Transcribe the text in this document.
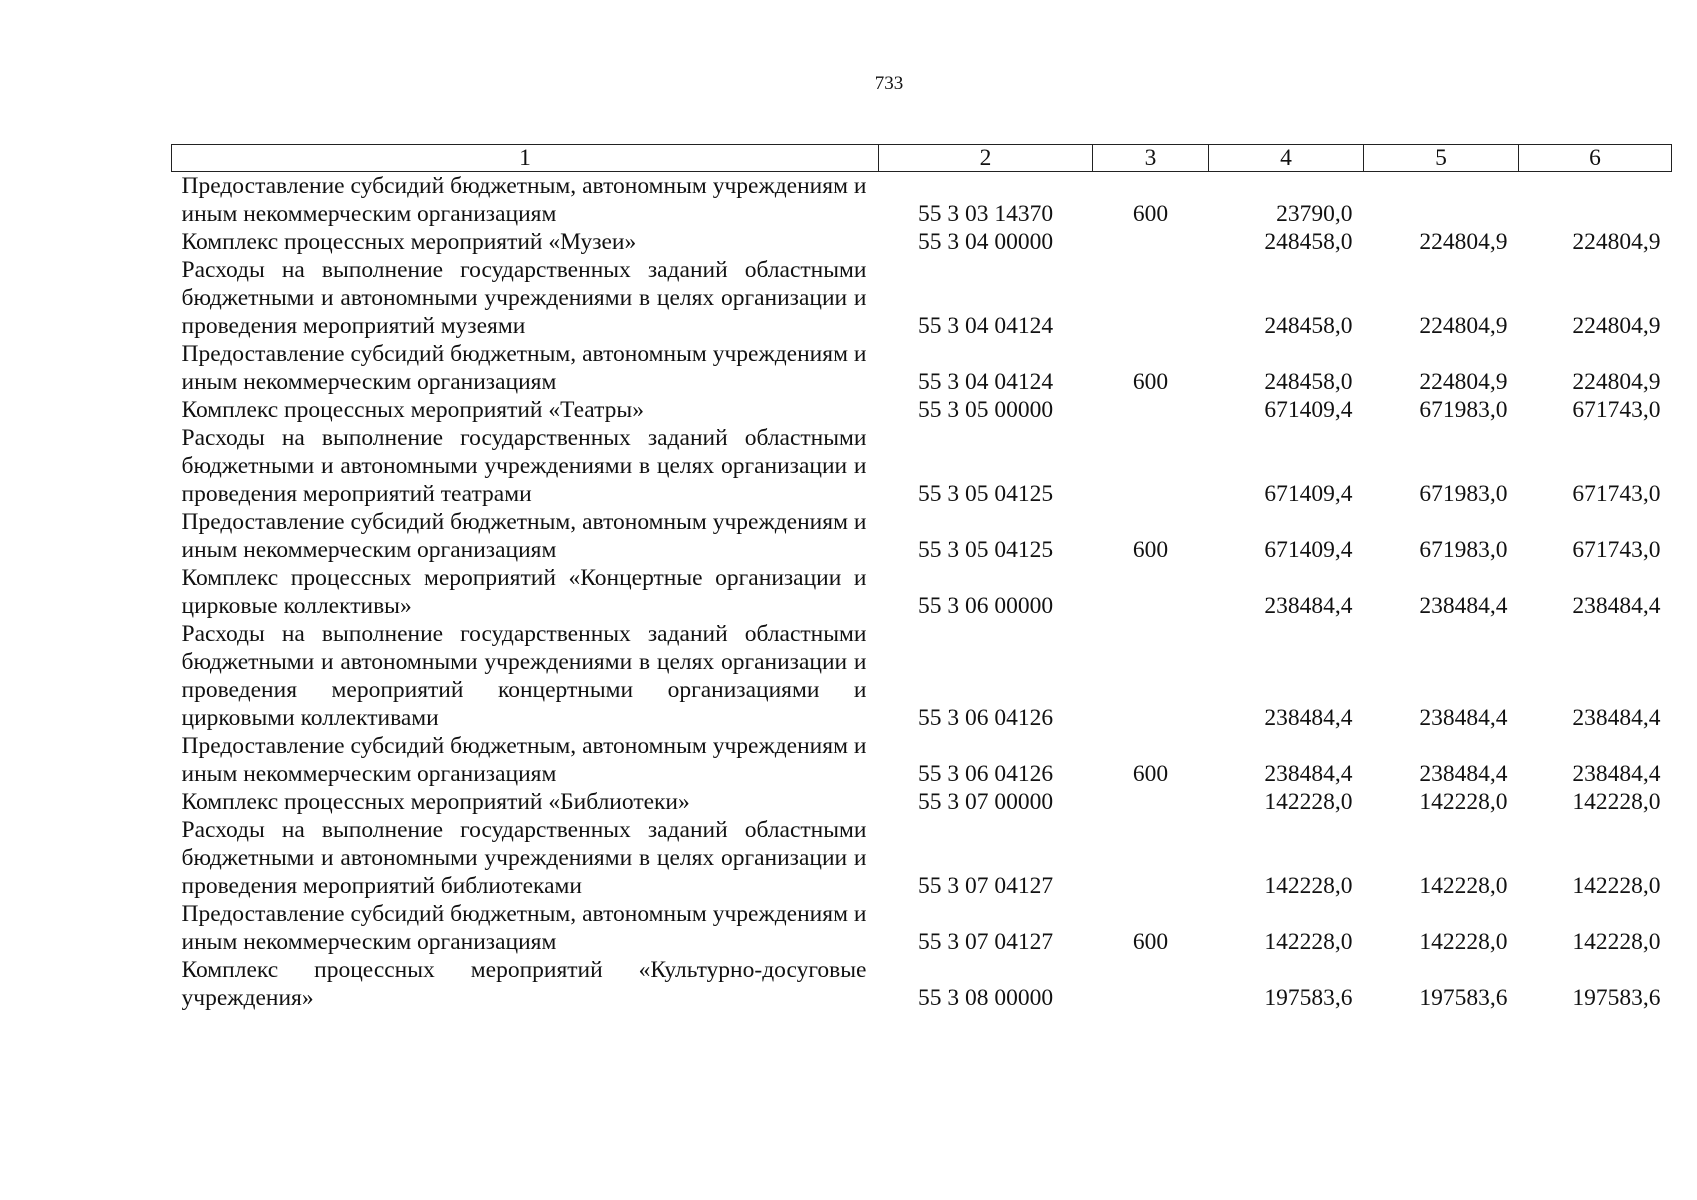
733
1	2	3	4	5	6
Предоставление субсидий бюджетным, автономным учреждениям и иным некоммерческим организациям	55 3 03 14370	600	23790,0		
Комплекс процессных мероприятий «Музеи»	55 3 04 00000		248458,0	224804,9	224804,9
Расходы на выполнение государственных заданий областными бюджетными и автономными учреждениями в целях организации и проведения мероприятий музеями	55 3 04 04124		248458,0	224804,9	224804,9
Предоставление субсидий бюджетным, автономным учреждениям и иным некоммерческим организациям	55 3 04 04124	600	248458,0	224804,9	224804,9
Комплекс процессных мероприятий «Театры»	55 3 05 00000		671409,4	671983,0	671743,0
Расходы на выполнение государственных заданий областными бюджетными и автономными учреждениями в целях организации и проведения мероприятий театрами	55 3 05 04125		671409,4	671983,0	671743,0
Предоставление субсидий бюджетным, автономным учреждениям и иным некоммерческим организациям	55 3 05 04125	600	671409,4	671983,0	671743,0
Комплекс процессных мероприятий «Концертные организации и цирковые коллективы»	55 3 06 00000		238484,4	238484,4	238484,4
Расходы на выполнение государственных заданий областными бюджетными и автономными учреждениями в целях организации и проведения мероприятий концертными организациями и цирковыми коллективами	55 3 06 04126		238484,4	238484,4	238484,4
Предоставление субсидий бюджетным, автономным учреждениям и иным некоммерческим организациям	55 3 06 04126	600	238484,4	238484,4	238484,4
Комплекс процессных мероприятий «Библиотеки»	55 3 07 00000		142228,0	142228,0	142228,0
Расходы на выполнение государственных заданий областными бюджетными и автономными учреждениями в целях организации и проведения мероприятий библиотеками	55 3 07 04127		142228,0	142228,0	142228,0
Предоставление субсидий бюджетным, автономным учреждениям и иным некоммерческим организациям	55 3 07 04127	600	142228,0	142228,0	142228,0
Комплекс процессных мероприятий «Культурно-досуговые учреждения»	55 3 08 00000		197583,6	197583,6	197583,6
